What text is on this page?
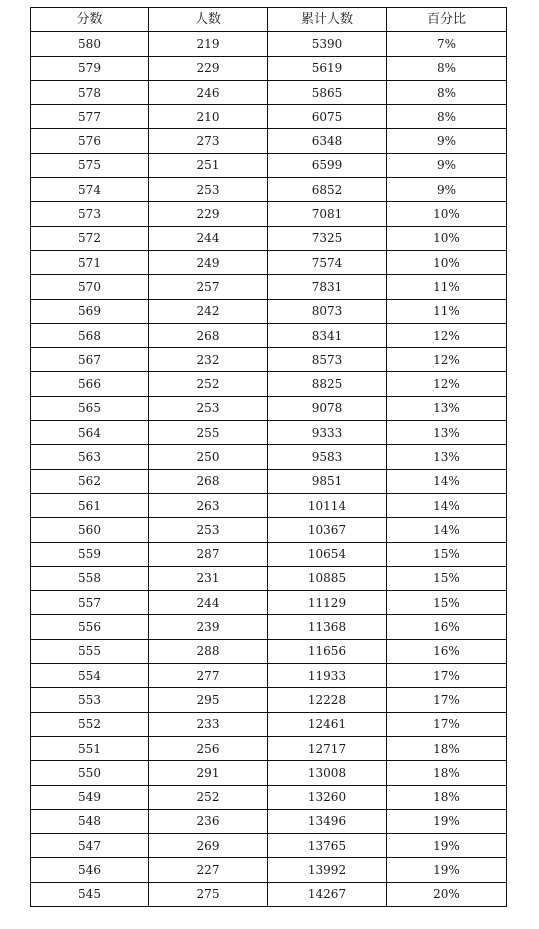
分数	人数	累计人数	百分比
580	219	5390	7%
579	229	5619	8%
578	246	5865	8%
577	210	6075	8%
576	273	6348	9%
575	251	6599	9%
574	253	6852	9%
573	229	7081	10%
572	244	7325	10%
571	249	7574	10%
570	257	7831	11%
569	242	8073	11%
568	268	8341	12%
567	232	8573	12%
566	252	8825	12%
565	253	9078	13%
564	255	9333	13%
563	250	9583	13%
562	268	9851	14%
561	263	10114	14%
560	253	10367	14%
559	287	10654	15%
558	231	10885	15%
557	244	11129	15%
556	239	11368	16%
555	288	11656	16%
554	277	11933	17%
553	295	12228	17%
552	233	12461	17%
551	256	12717	18%
550	291	13008	18%
549	252	13260	18%
548	236	13496	19%
547	269	13765	19%
546	227	13992	19%
545	275	14267	20%
